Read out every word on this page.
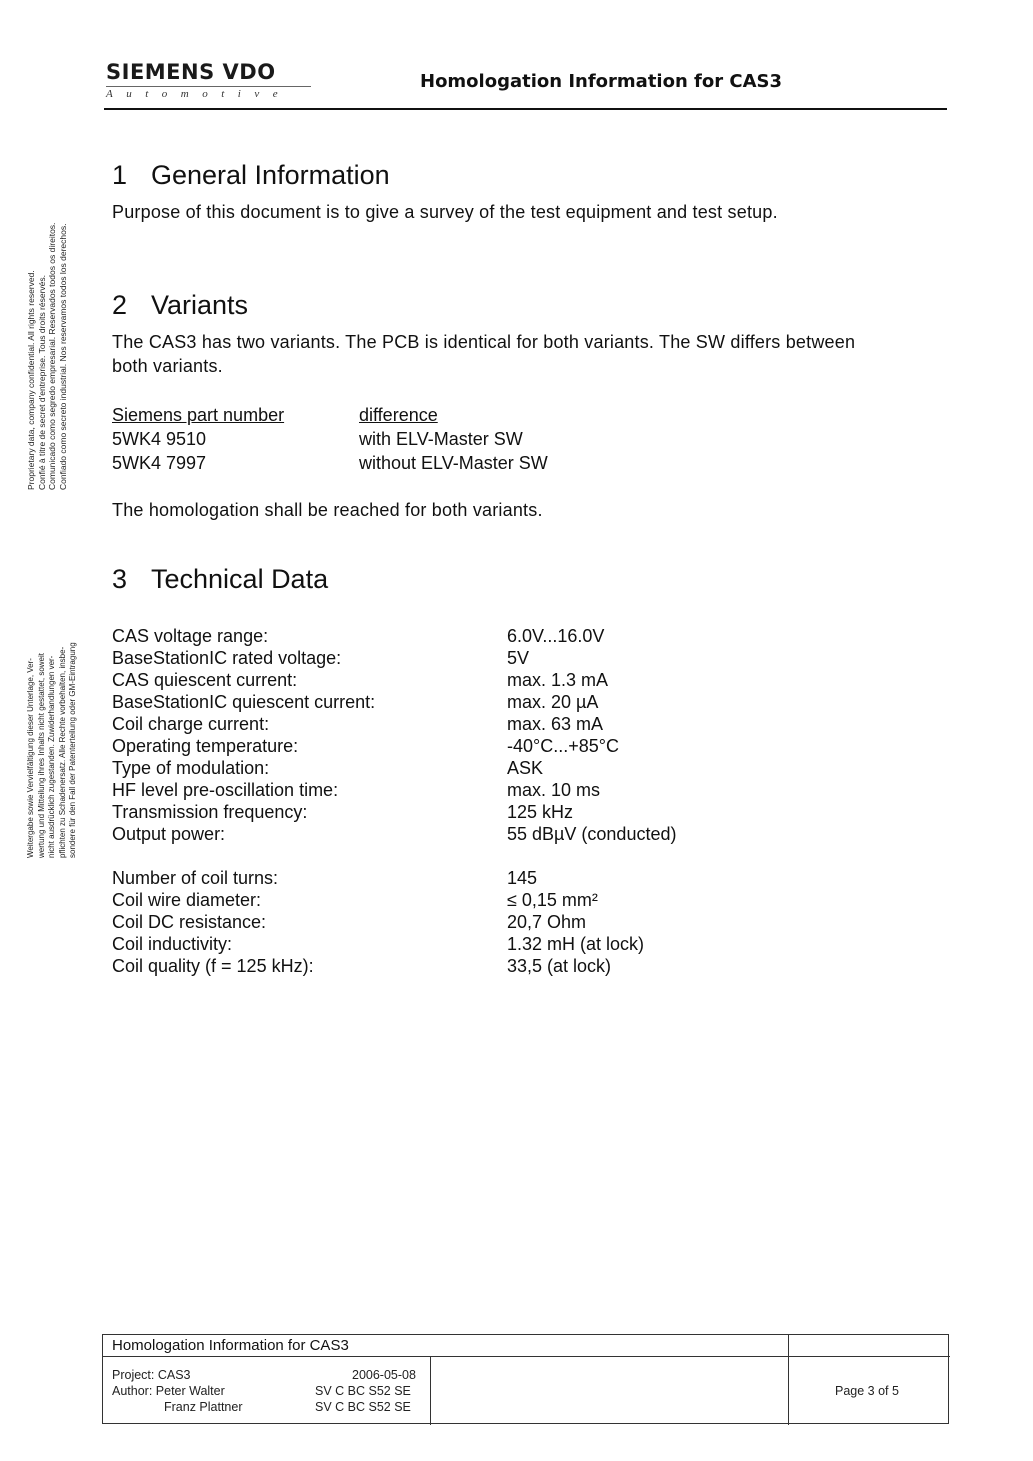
SIEMENS VDO
Automotive
Homologation Information for CAS3
Proprietary data, company confidential. All rights reserved. Confié à titre de secret d'entreprise. Tous droits réservés. Comunicado como segredo empresarial. Reservados todos os direitos. Confiado como secreto industrial. Nos reservamos todos los derechos.
Weitergabe sowie Vervielfältigung dieser Unterlage, Ver- wertung und Mitteilung ihres Inhalts nicht gestattet, soweit nicht ausdrücklich zugestanden. Zuwiderhandlungen ver- pflichten zu Schadenersatz. Alle Rechte vorbehalten, insbe- sondere für den Fall der Patenterteilung oder GM-Eintragung
1 General Information
Purpose of this document is to give a survey of the test equipment and test setup.
2 Variants
The CAS3 has two variants. The PCB is identical for both variants. The SW differs between both variants.
Siemens part number	difference
5WK4 9510	with ELV-Master SW
5WK4 7997	without ELV-Master SW
The homologation shall be reached for both variants.
3 Technical Data
CAS voltage range:	6.0V...16.0V
BaseStationIC rated voltage:	5V
CAS quiescent current:	max. 1.3 mA
BaseStationIC quiescent current:	max. 20 µA
Coil charge current:	max. 63 mA
Operating temperature:	-40°C...+85°C
Type of modulation:	ASK
HF level pre-oscillation time:	max. 10 ms
Transmission frequency:	125 kHz
Output power:	55 dBµV (conducted)
Number of coil turns:	145
Coil wire diameter:	≤ 0,15 mm²
Coil DC resistance:	20,7 Ohm
Coil inductivity:	1.32 mH (at lock)
Coil quality (f = 125 kHz):	33,5 (at lock)
Homologation Information for CAS3
Project: CAS3
Author: Peter Walter
Franz Plattner
2006-05-08
SV C BC S52 SE
SV C BC S52 SE
Page 3 of 5
